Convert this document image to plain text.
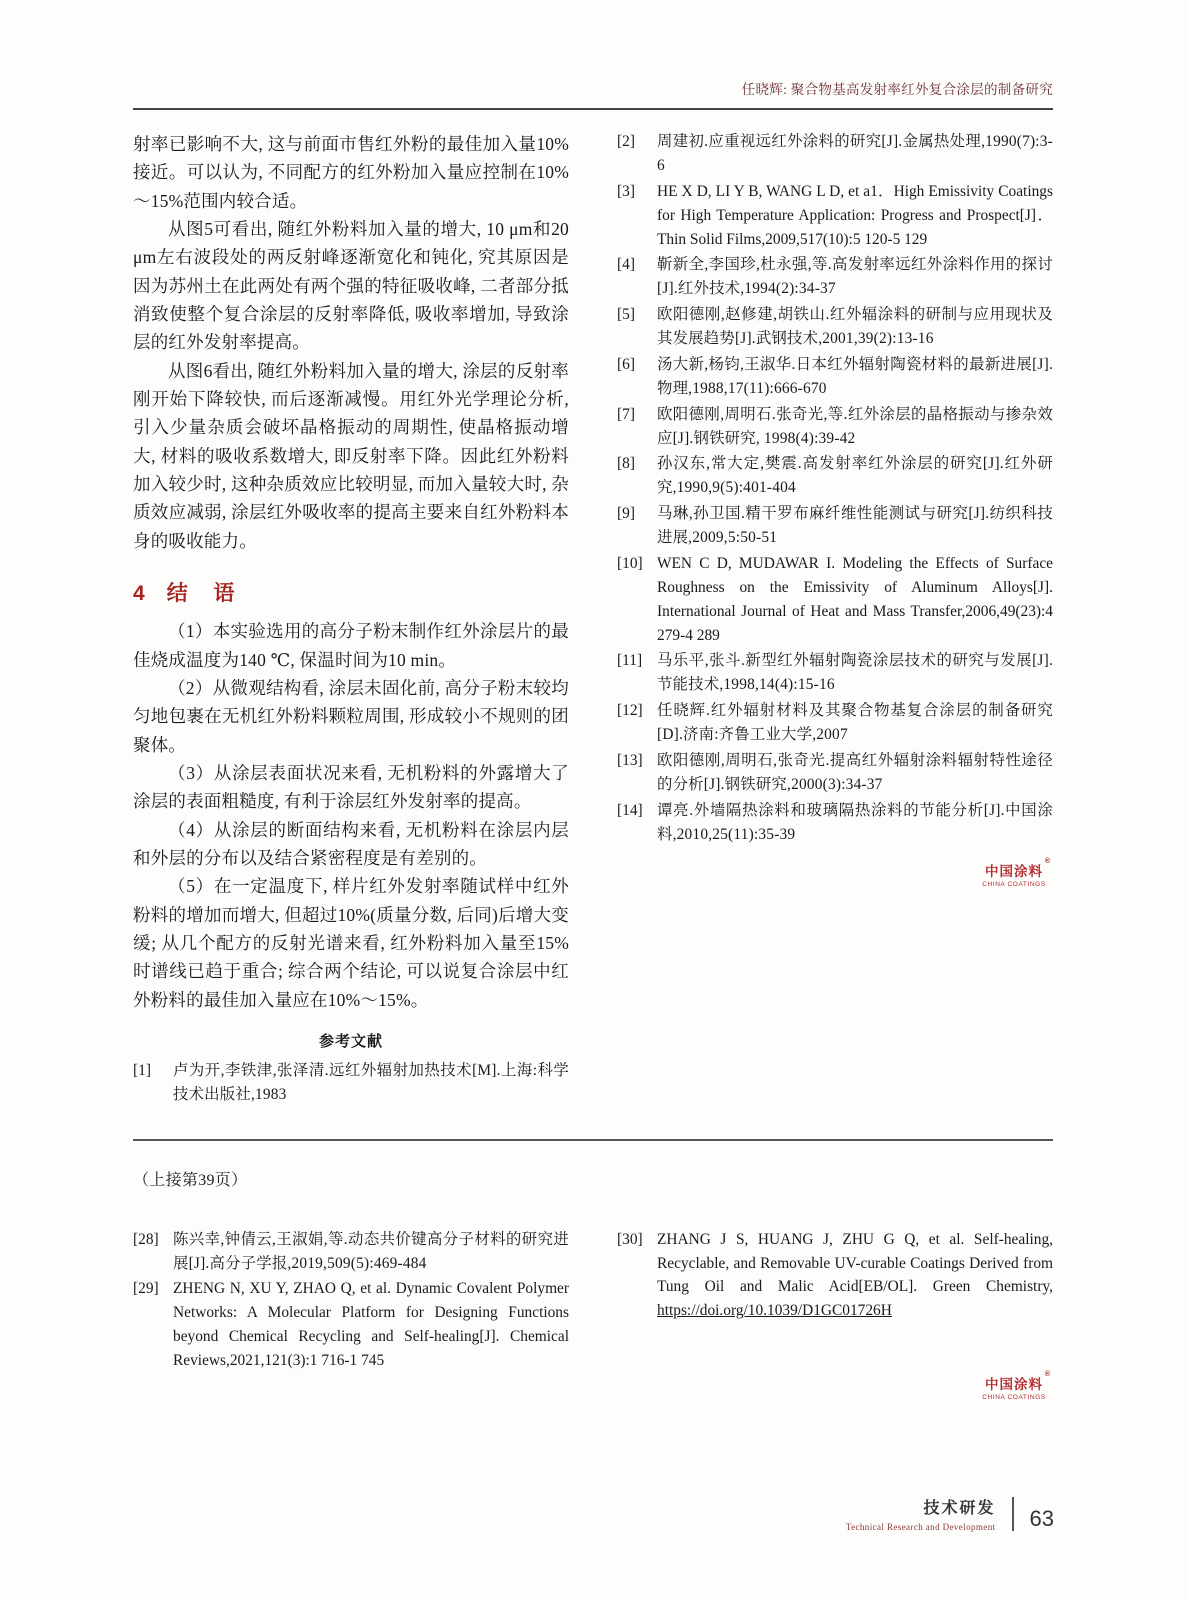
任晓辉: 聚合物基高发射率红外复合涂层的制备研究

射率已影响不大, 这与前面市售红外粉的最佳加入量10%接近。可以认为, 不同配方的红外粉加入量应控制在10%～15%范围内较合适。

从图5可看出, 随红外粉料加入量的增大, 10 μm和20 μm左右波段处的两反射峰逐渐宽化和钝化, 究其原因是因为苏州土在此两处有两个强的特征吸收峰, 二者部分抵消致使整个复合涂层的反射率降低, 吸收率增加, 导致涂层的红外发射率提高。

从图6看出, 随红外粉料加入量的增大, 涂层的反射率刚开始下降较快, 而后逐渐减慢。用红外光学理论分析, 引入少量杂质会破坏晶格振动的周期性, 使晶格振动增大, 材料的吸收系数增大, 即反射率下降。因此红外粉料加入较少时, 这种杂质效应比较明显, 而加入量较大时, 杂质效应减弱, 涂层红外吸收率的提高主要来自红外粉料本身的吸收能力。

4 结 语

（1）本实验选用的高分子粉末制作红外涂层片的最佳烧成温度为140 ℃, 保温时间为10 min。

（2）从微观结构看, 涂层未固化前, 高分子粉末较均匀地包裹在无机红外粉料颗粒周围, 形成较小不规则的团聚体。

（3）从涂层表面状况来看, 无机粉料的外露增大了涂层的表面粗糙度, 有利于涂层红外发射率的提高。

（4）从涂层的断面结构来看, 无机粉料在涂层内层和外层的分布以及结合紧密程度是有差别的。

（5）在一定温度下, 样片红外发射率随试样中红外粉料的增加而增大, 但超过10%(质量分数, 后同)后增大变缓; 从几个配方的反射光谱来看, 红外粉料加入量至15%时谱线已趋于重合; 综合两个结论, 可以说复合涂层中红外粉料的最佳加入量应在10%～15%。

参考文献
[1]	卢为开,李铁津,张泽清.远红外辐射加热技术[M].上海:科学技术出版社,1983
[2]	周建初.应重视远红外涂料的研究[J].金属热处理,1990(7):3-6
[3]	HE X D, LI Y B, WANG L D, et a1．High Emissivity Coatings for High Temperature Application: Progress and Prospect[J]．Thin Solid Films,2009,517(10):5 120-5 129
[4]	靳新全,李国珍,杜永强,等.高发射率远红外涂料作用的探讨[J].红外技术,1994(2):34-37
[5]	欧阳德刚,赵修建,胡铁山.红外辐涂料的研制与应用现状及其发展趋势[J].武钢技术,2001,39(2):13-16
[6]	汤大新,杨钧,王淑华.日本红外辐射陶瓷材料的最新进展[J].物理,1988,17(11):666-670
[7]	欧阳德刚,周明石.张奇光,等.红外涂层的晶格振动与掺杂效应[J].钢铁研究, 1998(4):39-42
[8]	孙汉东,常大定,樊震.高发射率红外涂层的研究[J].红外研究,1990,9(5):401-404
[9]	马琳,孙卫国.精干罗布麻纤维性能测试与研究[J].纺织科技进展,2009,5:50-51
[10] WEN C D, MUDAWAR I. Modeling the Effects of Surface Roughness on the Emissivity of Aluminum Alloys[J]. International Journal of Heat and Mass Transfer,2006,49(23):4 279-4 289
[11] 马乐平,张斗.新型红外辐射陶瓷涂层技术的研究与发展[J].节能技术,1998,14(4):15-16
[12] 任晓辉.红外辐射材料及其聚合物基复合涂层的制备研究[D].济南:齐鲁工业大学,2007
[13] 欧阳德刚,周明石,张奇光.提高红外辐射涂料辐射特性途径的分析[J].钢铁研究,2000(3):34-37
[14] 谭亮.外墙隔热涂料和玻璃隔热涂料的节能分析[J].中国涂料,2010,25(11):35-39
中国涂料
®
CHINA COATINGS
（上接第39页）
[28] 陈兴幸,钟倩云,王淑娟,等.动态共价键高分子材料的研究进展[J].高分子学报,2019,509(5):469-484
[29] ZHENG N, XU Y, ZHAO Q, et al. Dynamic Covalent Polymer Networks: A Molecular Platform for Designing Functions beyond Chemical Recycling and Self-healing[J]. Chemical Reviews,2021,121(3):1 716-1 745
[30] ZHANG J S, HUANG J, ZHU G Q, et al. Self-healing, Recyclable, and Removable UV-curable Coatings Derived from Tung Oil and Malic Acid[EB/OL]. Green Chemistry, https://doi.org/10.1039/D1GC01726H
中国涂料
®
CHINA COATINGS
技术研发
Technical Research and Development 63
